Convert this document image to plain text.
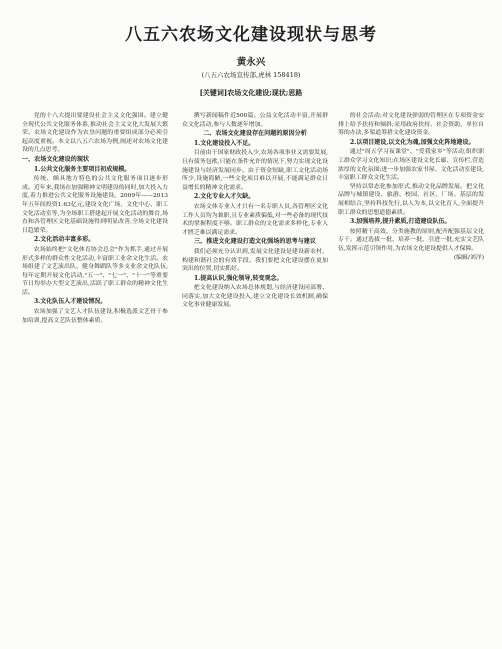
八五六农场文化建设现状与思考
黄永兴
(八五六农场宣传部,虎林 158418)
[关键词]农场文化建设;现状;思路

党的十八大提出要建设社会主义文化强国。建立健全现代公共文化服务体系,推动社会主义文化大发展大繁荣。农场文化建设作为农垦问题的重要组成部分必须引起高度重视。本文以八五六农场为例,阐述对农场文化建设的几点思考。

一、农场文化建设的现状
1.公共文化服务主要项目初成规模。

传统、颇具地方特色的公共文化服务项目逐步形成。近年来,我场在加强精神文明建设的同时,加大投入力度,着力推进公共文化服务设施建设。2009年——2013年五年间投资1.63亿元,建设文化广场、文化中心、职工文化活动室等,为全场职工搭建起开展文化活动的舞台,场直和各管理区文化基础设施得到明显改善,全场文化建设日趋繁荣。

2.文化活动丰富多彩。

农场始终把"文化体育协会总会"作为抓手,通过开展形式多样的群众性文化活动,丰富职工业余文化生活。农场组建了文艺演出队、健身舞蹈队等多支业余文化队伍,每年定期开展文化活动,"五一"、"七一"、"十一"等重要节日均举办大型文艺演出,活跃了职工群众的精神文化生活。

3.文化队伍人才建设情况。

农场加强了文艺人才队伍建设,积极选派文艺骨干参加培训,提高文艺队伍整体素质。

撰写新闻稿件近500篇。公益文化活动丰富,开展群众文化活动,参与人数逐年增加。

二、农场文化建设存在问题的原因分析
1.文化建设投入不足。

目前由于国家财政投入少,农场各项事业又需要发展,且有债务包袱,只能在条件允许的情况下,努力实现文化设施建设与经济发展同步。由于资金短缺,职工文化活动场所少,设施简陋,一些文化项目难以开展,不能满足群众日益增长的精神文化需求。

2.文化专业人才欠缺。

农场文体专业人才只有一名专职人员,各管理区文化工作人员均为兼职,且专业素质偏低,对一些必备的现代技术的掌握程度不够。职工群众的文化需求多样化,专业人才匮乏难以满足需求。

三、推进文化建设打造文化强场的思考与建议

我们必须充分认识到,发展文化建设是建设新农村、构建和谐社会的有效手段。我们要把文化建设摆在更加突出的位置,切实抓好。

1.提高认识,强化领导,转变观念。

把文化建设纳入农场总体规划,与经济建设同部署、同落实,加大文化建设投入,建立文化建设长效机制,确保文化事业健康发展。

的社会活动;对文化建设弹弱的管理区在专项资金安排上给予扶持和倾斜;采用政府扶持、社会资助、单位自筹的办法,多渠道筹措文化建设资金。

2.以项目建设,以文化为魂,加强文化阵地建设。

通过"周五学习夜课堂"、"爱我家乡"等活动,组织职工群众学习文化知识;在场区建设文化长廊、宣传栏,营造浓厚的文化氛围;进一步加强农家书屋、文化活动室建设,丰富职工群众文化生活。

坚持以常态化参加形式,推动文化品牌发展。把文化品牌与城镇建设、旅游、校园、社区、厂场、基层的发展相结合,坚持科技先行,以人为本,以文化育人,全面提升职工群众的思想道德素质。

3.加强培养,提升素质,打造建设队伍。

按照精干高效、分类施教的原则,配齐配强基层文化专干。通过选拔一批、培养一批、引进一批,充实文艺队伍,发挥示范引领作用,为农场文化建设提供人才保障。

(编辑/刘洋)
